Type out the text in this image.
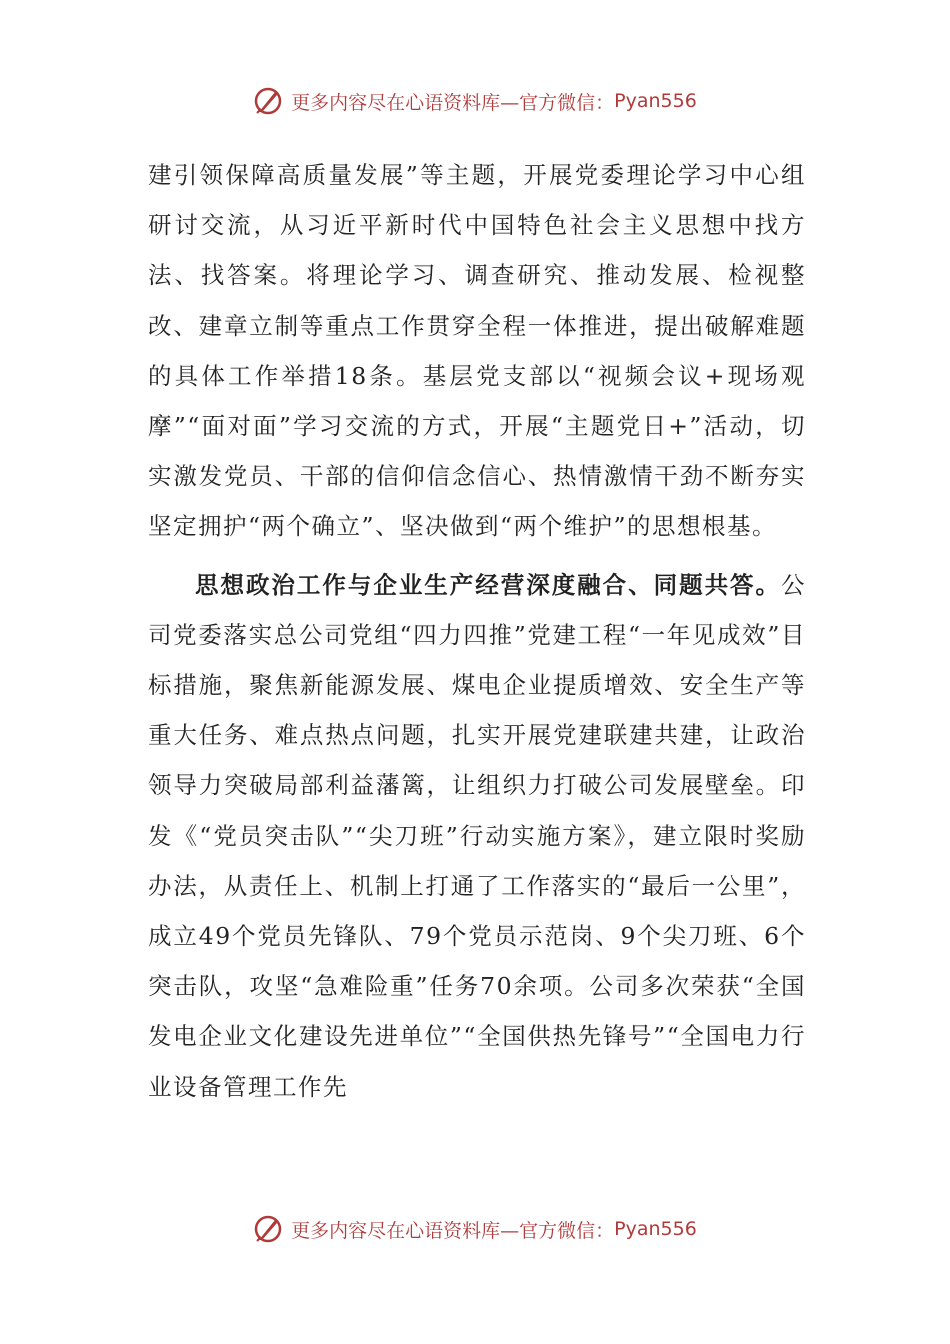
更多内容尽在心语资料库—官方微信： Pyan556

建引领保障高质量发展”等主题，开展党委理论学习中心组研讨交流，从习近平新时代中国特色社会主义思想中找方法、找答案。将理论学习、调查研究、推动发展、检视整改、建章立制等重点工作贯穿全程一体推进，提出破解难题的具体工作举措18条。基层党支部以“视频会议+现场观摩”“面对面”学习交流的方式，开展“主题党日+”活动，切实激发党员、干部的信仰信念信心、热情激情干劲不断夯实坚定拥护“两个确立”、坚决做到“两个维护”的思想根基。

思想政治工作与企业生产经营深度融合、同题共答。公司党委落实总公司党组“四力四推”党建工程“一年见成效”目标措施，聚焦新能源发展、煤电企业提质增效、安全生产等重大任务、难点热点问题，扎实开展党建联建共建，让政治领导力突破局部利益藩篱，让组织力打破公司发展壁垒。印发《“党员突击队”“尖刀班”行动实施方案》，建立限时奖励办法，从责任上、机制上打通了工作落实的“最后一公里”，成立49个党员先锋队、79个党员示范岗、9个尖刀班、6个突击队，攻坚“急难险重”任务70余项。公司多次荣获“全国发电企业文化建设先进单位”“全国供热先锋号”“全国电力行业设备管理工作先

更多内容尽在心语资料库—官方微信： Pyan556
